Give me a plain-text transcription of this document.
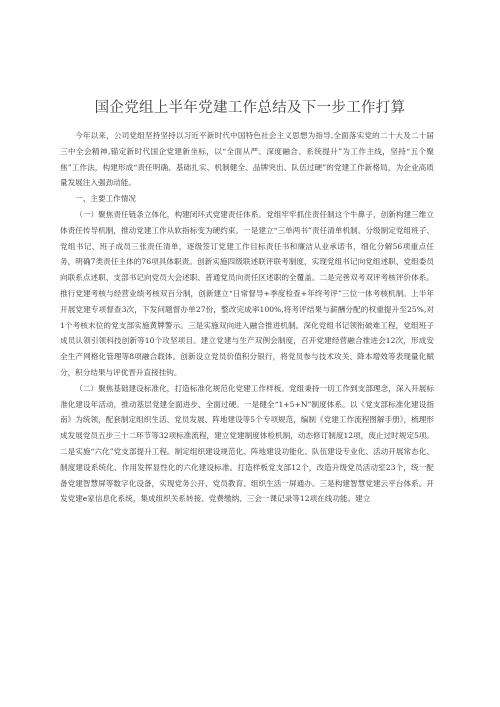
国企党组上半年党建工作总结及下一步工作打算

今年以来，公司党组坚持坚持以习近平新时代中国特色社会主义思想为指导,全面落实党的二十大及二十届三中全会精神,锚定新时代国企党建新坐标，以“全面从严、深度融合、系统提升”为工作主线，坚持“五个聚焦”工作法，构建形成“责任明确、基础扎实、机制健全、品牌突出、队伍过硬”的党建工作新格局，为企业高质量发展注入强劲动能。

一、主要工作情况

（一）聚焦责任链条立体化，构建闭环式党建责任体系。党组牢牢抓住责任制这个牛鼻子，创新构建三维立体责任传导机制，推动党建工作从软指标变为硬约束。一是建立“三单两书”责任清单机制。分级制定党组班子、党组书记、班子成员三张责任清单，逐级签订党建工作目标责任书和廉洁从业承诺书，细化分解56项重点任务，明确7类责任主体的76项具体职责。创新实施四级联述联评联考制度，实现党组书记向党组述职、党组委员向联系点述职、支部书记向党员大会述职、普通党员向责任区述职的全覆盖。二是完善双考双评考核评价体系。推行党建考核与经营业绩考核双百分制，创新建立“日常督导+季度检查+年终考评”三位一体考核机制。上半年开展党建专项督查3次，下发问题督办单27份，整改完成率100%,将考评结果与薪酬分配的权重提升至25%,对1个考核末位的党支部实施黄牌警示。三是实施双向进入融合推进机制。深化党组书记领衔破难工程，党组班子成员认领引领科技创新等10个攻坚项目。建立党建与生产双例会制度，召开党建经营融合推进会12次，形成安全生产网格化管理等8项融合载体。创新设立党员价值积分银行，将党员参与技术攻关、降本增效等表现量化赋分，积分结果与评优晋升直接挂钩。

（二）聚焦基础建设标准化，打造标准化规范化党建工作样板。党组秉持一切工作到支部理念，深入开展标准化建设年活动，推动基层党建全面进步、全面过硬。一是健全“1+5+N”制度体系。以《党支部标准化建设指南》为统领，配套制定组织生活、党员发展、阵地建设等5个专项规范，编制《党建工作流程图解手册》，梳理形成发展党员五步三十二环节等32项标准流程，建立党建制度体检机制，动态修订制度12项，废止过时规定5项。二是实施“六化”党支部提升工程。制定组织建设规范化、阵地建设功能化、队伍建设专业化、活动开展常态化、制度建设系统化、作用发挥显性化的六化建设标准。打造样板党支部12个，改造升级党员活动室23个，统一配备党建智慧屏等数字化设备，实现党务公开、党员教育、组织生活一屏通办。三是构建智慧党建云平台体系。开发党建e家信息化系统，集成组织关系转接、党费缴纳、三会一课记录等12项在线功能。建立
